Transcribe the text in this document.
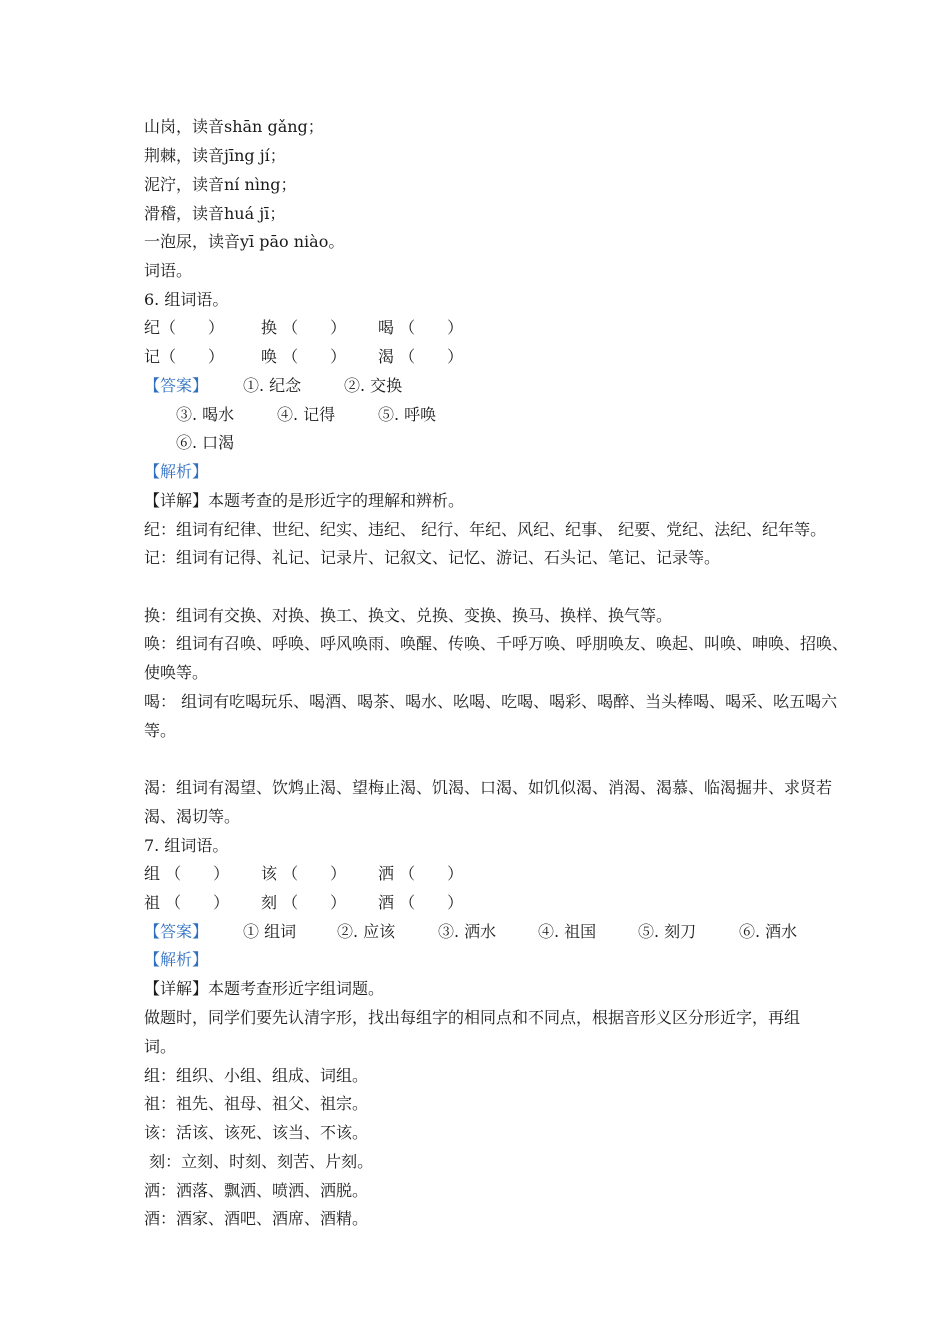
山岗，读音shān gǎng；
荆棘，读音jīng jí；
泥泞，读音ní nìng；
滑稽，读音huá jī；
一泡尿，读音yī pāo niào。
词语。
6. 组词语。
纪（　　） 换 （　　） 喝 （　　）
记（　　） 唤 （　　） 渴 （　　）
【答案】 ①. 纪念	②. 交换
③. 喝水	④. 记得	⑤. 呼唤
⑥. 口渴
【解析】
【详解】本题考查的是形近字的理解和辨析。
纪：组词有纪律、世纪、纪实、违纪、 纪行、年纪、风纪、纪事、 纪要、党纪、法纪、纪年等。
记：组词有记得、礼记、记录片、记叙文、记忆、游记、石头记、笔记、记录等。
换：组词有交换、对换、换工、换文、兑换、变换、换马、换样、换气等。
唤：组词有召唤、呼唤、呼风唤雨、唤醒、传唤、千呼万唤、呼朋唤友、唤起、叫唤、呻唤、招唤、
使唤等。
喝： 组词有吃喝玩乐、喝酒、喝茶、喝水、吆喝、吃喝、喝彩、喝醉、当头棒喝、喝采、吆五喝六
等。
渴：组词有渴望、饮鸩止渴、望梅止渴、饥渴、口渴、如饥似渴、消渴、渴慕、临渴掘井、求贤若
渴、渴切等。
7. 组词语。
组 （　　） 该 （　　） 洒 （　　）
祖 （　　） 刻 （　　） 酒 （　　）
【答案】 ① 组词	②. 应该	③. 洒水	④. 祖国	⑤. 刻刀	⑥. 酒水
【解析】
【详解】本题考查形近字组词题。
做题时，同学们要先认清字形，找出每组字的相同点和不同点，根据音形义区分形近字，再组
词。
组：组织、小组、组成、词组。
祖：祖先、祖母、祖父、祖宗。
该：活该、该死、该当、不该。
刻：立刻、时刻、刻苦、片刻。
洒：洒落、飘洒、喷洒、洒脱。
酒：酒家、酒吧、酒席、酒精。
